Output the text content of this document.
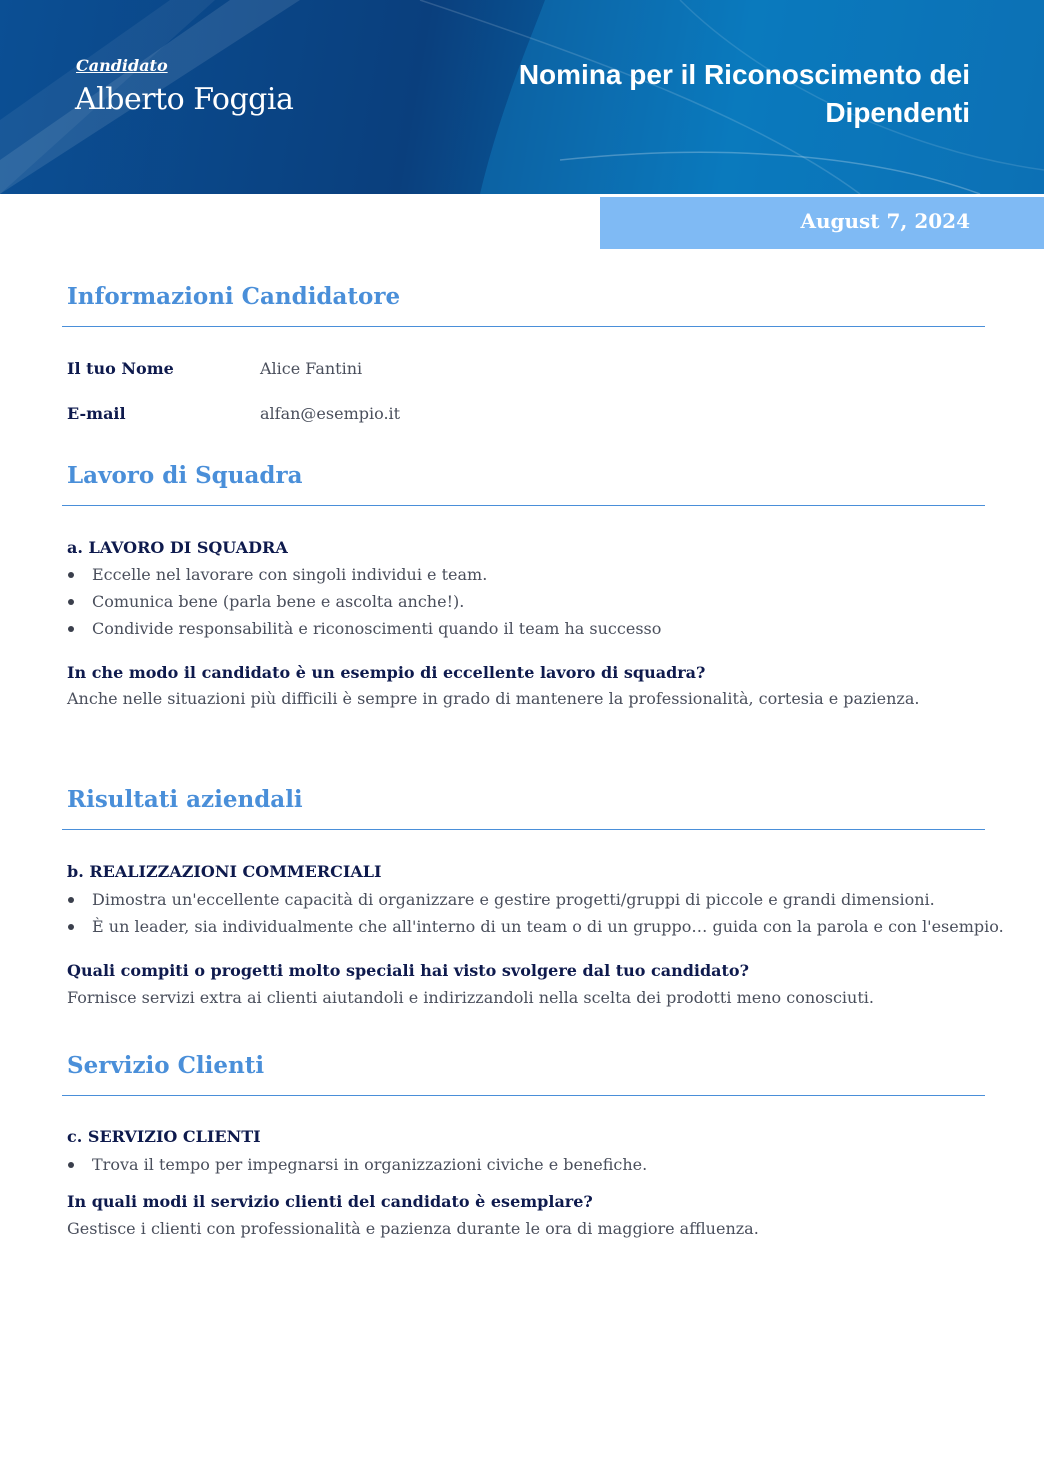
Candidato
Alberto Foggia
Nomina per il Riconoscimento dei Dipendenti
August 7, 2024
Informazioni Candidatore
Il tuo Nome	Alice Fantini
E-mail	alfan@esempio.it
Lavoro di Squadra
a. LAVORO DI SQUADRA
Eccelle nel lavorare con singoli individui e team.
Comunica bene (parla bene e ascolta anche!).
Condivide responsabilità e riconoscimenti quando il team ha successo
In che modo il candidato è un esempio di eccellente lavoro di squadra?
Anche nelle situazioni più difficili è sempre in grado di mantenere la professionalità, cortesia e pazienza.
Risultati aziendali
b. REALIZZAZIONI COMMERCIALI
Dimostra un'eccellente capacità di organizzare e gestire progetti/gruppi di piccole e grandi dimensioni.
È un leader, sia individualmente che all'interno di un team o di un gruppo… guida con la parola e con l'esempio.
Quali compiti o progetti molto speciali hai visto svolgere dal tuo candidato?
Fornisce servizi extra ai clienti aiutandoli e indirizzandoli nella scelta dei prodotti meno conosciuti.
Servizio Clienti
c. SERVIZIO CLIENTI
Trova il tempo per impegnarsi in organizzazioni civiche e benefiche.
In quali modi il servizio clienti del candidato è esemplare?
Gestisce i clienti con professionalità e pazienza durante le ora di maggiore affluenza.
